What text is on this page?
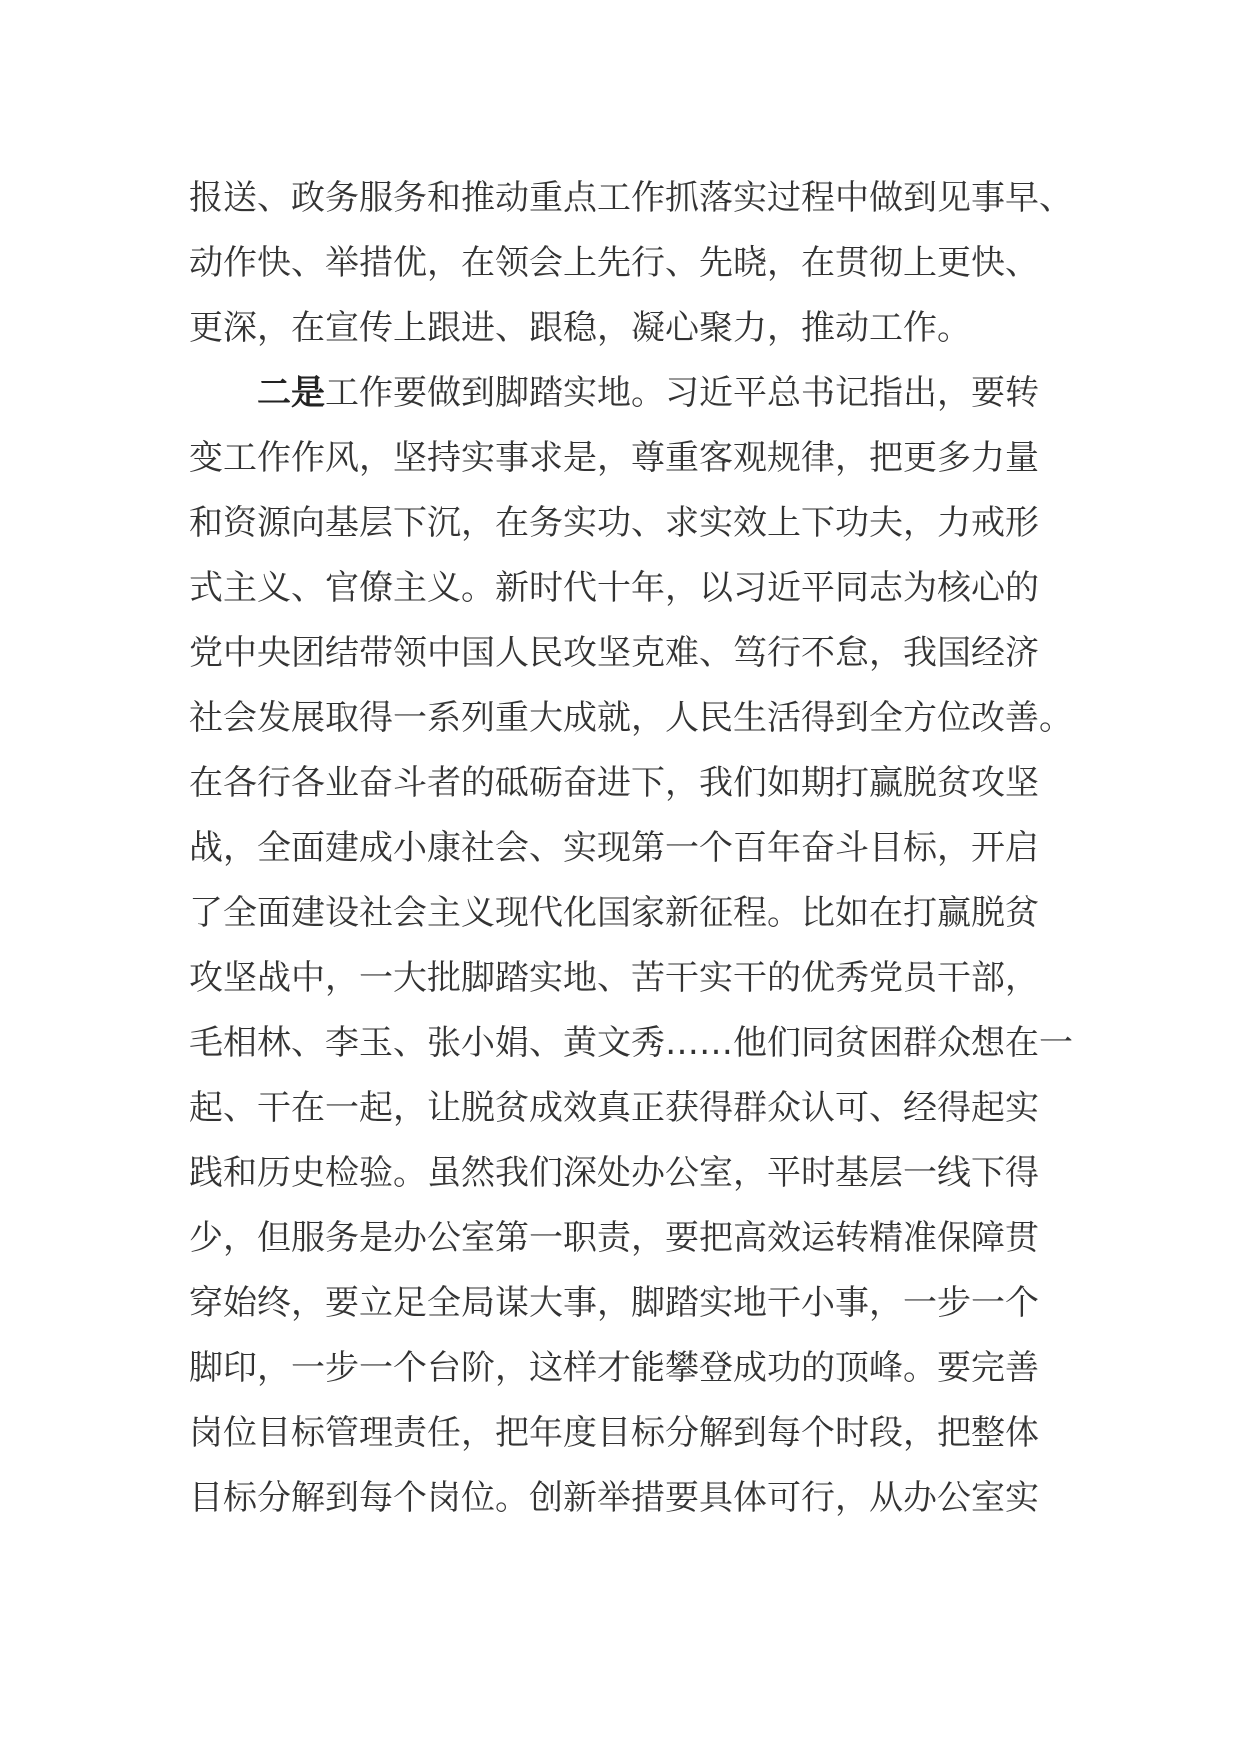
报送、政务服务和推动重点工作抓落实过程中做到见事早、
动作快、举措优，在领会上先行、先晓，在贯彻上更快、
更深，在宣传上跟进、跟稳，凝心聚力，推动工作。
二是工作要做到脚踏实地。习近平总书记指出，要转
变工作作风，坚持实事求是，尊重客观规律，把更多力量
和资源向基层下沉，在务实功、求实效上下功夫，力戒形
式主义、官僚主义。新时代十年，以习近平同志为核心的
党中央团结带领中国人民攻坚克难、笃行不怠，我国经济
社会发展取得一系列重大成就，人民生活得到全方位改善。
在各行各业奋斗者的砥砺奋进下，我们如期打赢脱贫攻坚
战，全面建成小康社会、实现第一个百年奋斗目标，开启
了全面建设社会主义现代化国家新征程。比如在打赢脱贫
攻坚战中，一大批脚踏实地、苦干实干的优秀党员干部，
毛相林、李玉、张小娟、黄文秀……他们同贫困群众想在一
起、干在一起，让脱贫成效真正获得群众认可、经得起实
践和历史检验。虽然我们深处办公室，平时基层一线下得
少，但服务是办公室第一职责，要把高效运转精准保障贯
穿始终，要立足全局谋大事，脚踏实地干小事，一步一个
脚印，一步一个台阶，这样才能攀登成功的顶峰。要完善
岗位目标管理责任，把年度目标分解到每个时段，把整体
目标分解到每个岗位。创新举措要具体可行，从办公室实
